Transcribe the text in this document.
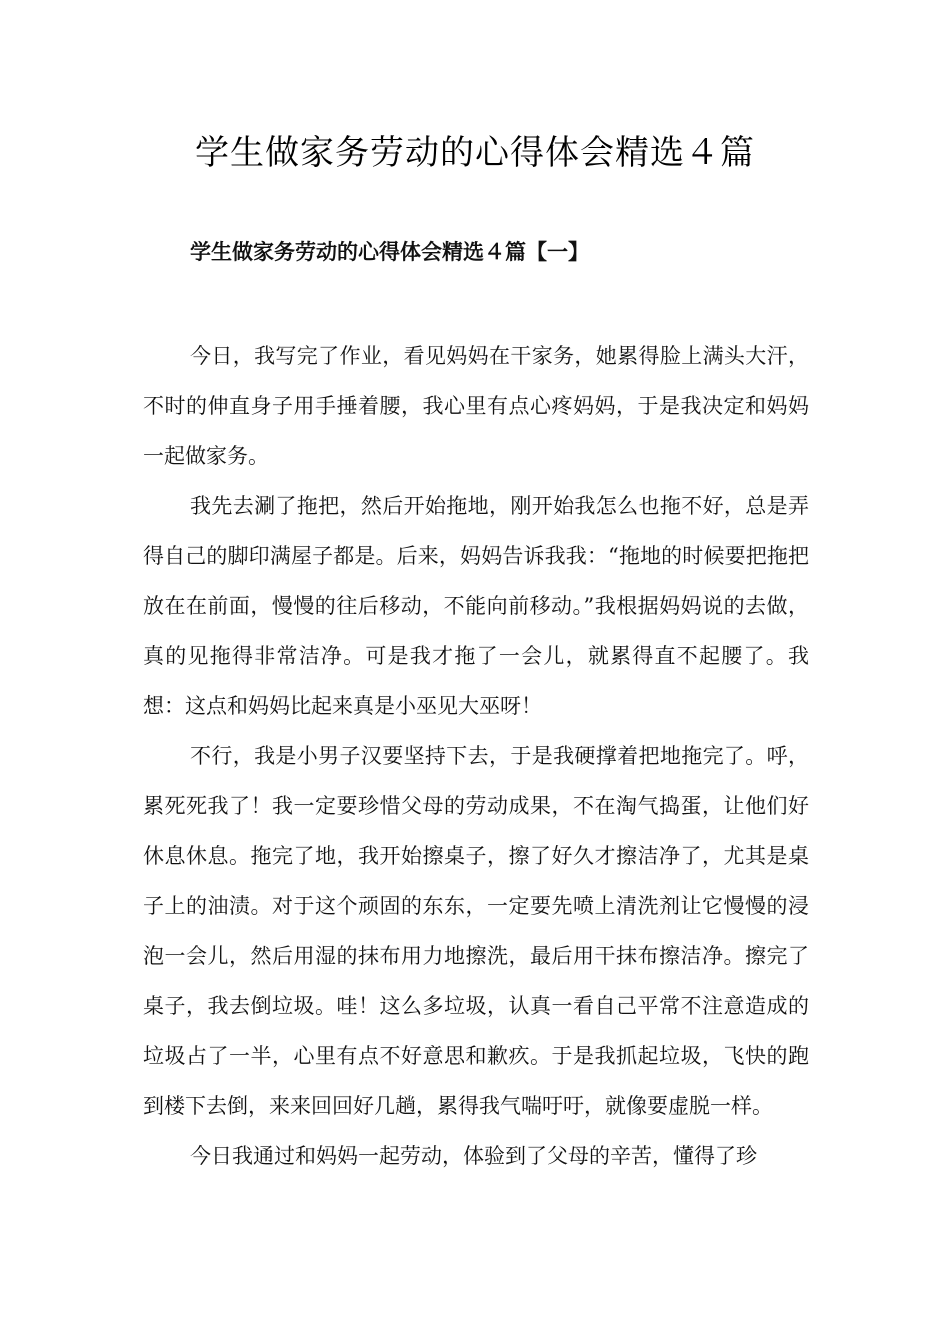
学生做家务劳动的心得体会精选４篇
学生做家务劳动的心得体会精选４篇【一】

今日，我写完了作业，看见妈妈在干家务，她累得脸上满头大汗，不时的伸直身子用手捶着腰，我心里有点心疼妈妈，于是我决定和妈妈一起做家务。

我先去涮了拖把，然后开始拖地，刚开始我怎么也拖不好，总是弄得自己的脚印满屋子都是。后来，妈妈告诉我我：“拖地的时候要把拖把放在在前面，慢慢的往后移动，不能向前移动。”我根据妈妈说的去做，真的见拖得非常洁净。可是我才拖了一会儿，就累得直不起腰了。我想：这点和妈妈比起来真是小巫见大巫呀！

不行，我是小男子汉要坚持下去，于是我硬撑着把地拖完了。呼，累死死我了！我一定要珍惜父母的劳动成果，不在淘气捣蛋，让他们好休息休息。拖完了地，我开始擦桌子，擦了好久才擦洁净了，尤其是桌子上的油渍。对于这个顽固的东东，一定要先喷上清洗剂让它慢慢的浸泡一会儿，然后用湿的抹布用力地擦洗，最后用干抹布擦洁净。擦完了桌子，我去倒垃圾。哇！这么多垃圾，认真一看自己平常不注意造成的垃圾占了一半，心里有点不好意思和歉疚。于是我抓起垃圾，飞快的跑到楼下去倒，来来回回好几趟，累得我气喘吁吁，就像要虚脱一样。

今日我通过和妈妈一起劳动，体验到了父母的辛苦，懂得了珍
